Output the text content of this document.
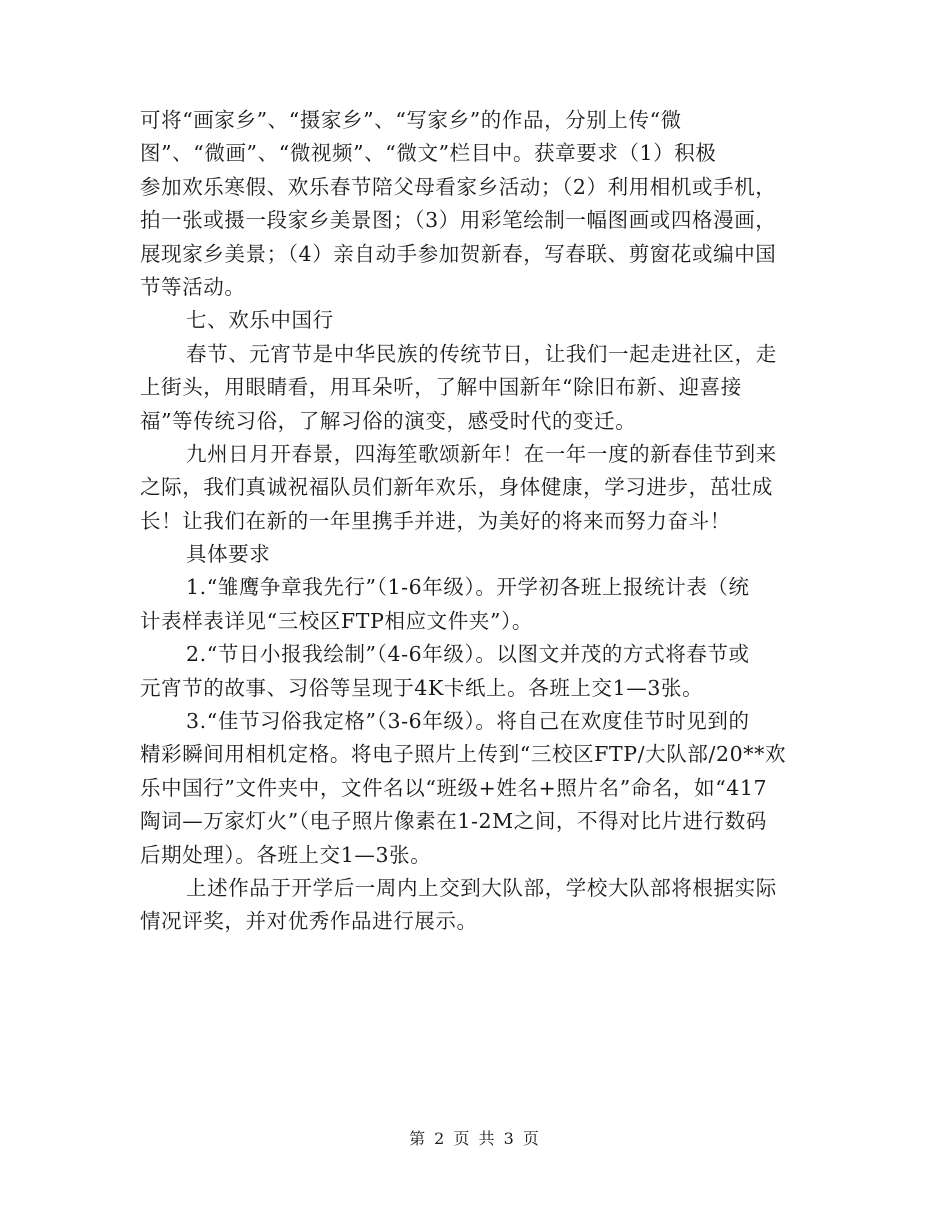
可将“画家乡”、“摄家乡”、“写家乡”的作品，分别上传“微
图”、“微画”、“微视频”、“微文”栏目中。获章要求（1）积极
参加欢乐寒假、欢乐春节陪父母看家乡活动；（2）利用相机或手机，
拍一张或摄一段家乡美景图；（3）用彩笔绘制一幅图画或四格漫画，
展现家乡美景；（4）亲自动手参加贺新春，写春联、剪窗花或编中国
节等活动。
七、欢乐中国行
春节、元宵节是中华民族的传统节日，让我们一起走进社区，走
上街头，用眼睛看，用耳朵听，了解中国新年“除旧布新、迎喜接
福”等传统习俗，了解习俗的演变，感受时代的变迁。
九州日月开春景，四海笙歌颂新年！在一年一度的新春佳节到来
之际，我们真诚祝福队员们新年欢乐，身体健康，学习进步，茁壮成
长！让我们在新的一年里携手并进，为美好的将来而努力奋斗！
具体要求
1.“雏鹰争章我先行”（1-6年级）。开学初各班上报统计表（统
计表样表详见“三校区FTP相应文件夹”）。
2.“节日小报我绘制”（4-6年级）。以图文并茂的方式将春节或
元宵节的故事、习俗等呈现于4K卡纸上。各班上交1—3张。
3.“佳节习俗我定格”（3-6年级）。将自己在欢度佳节时见到的
精彩瞬间用相机定格。将电子照片上传到“三校区FTP/大队部/20**欢
乐中国行”文件夹中，文件名以“班级+姓名+照片名”命名，如“417
陶词—万家灯火”（电子照片像素在1-2M之间，不得对比片进行数码
后期处理）。各班上交1—3张。
上述作品于开学后一周内上交到大队部，学校大队部将根据实际
情况评奖，并对优秀作品进行展示。
第 2 页 共 3 页
